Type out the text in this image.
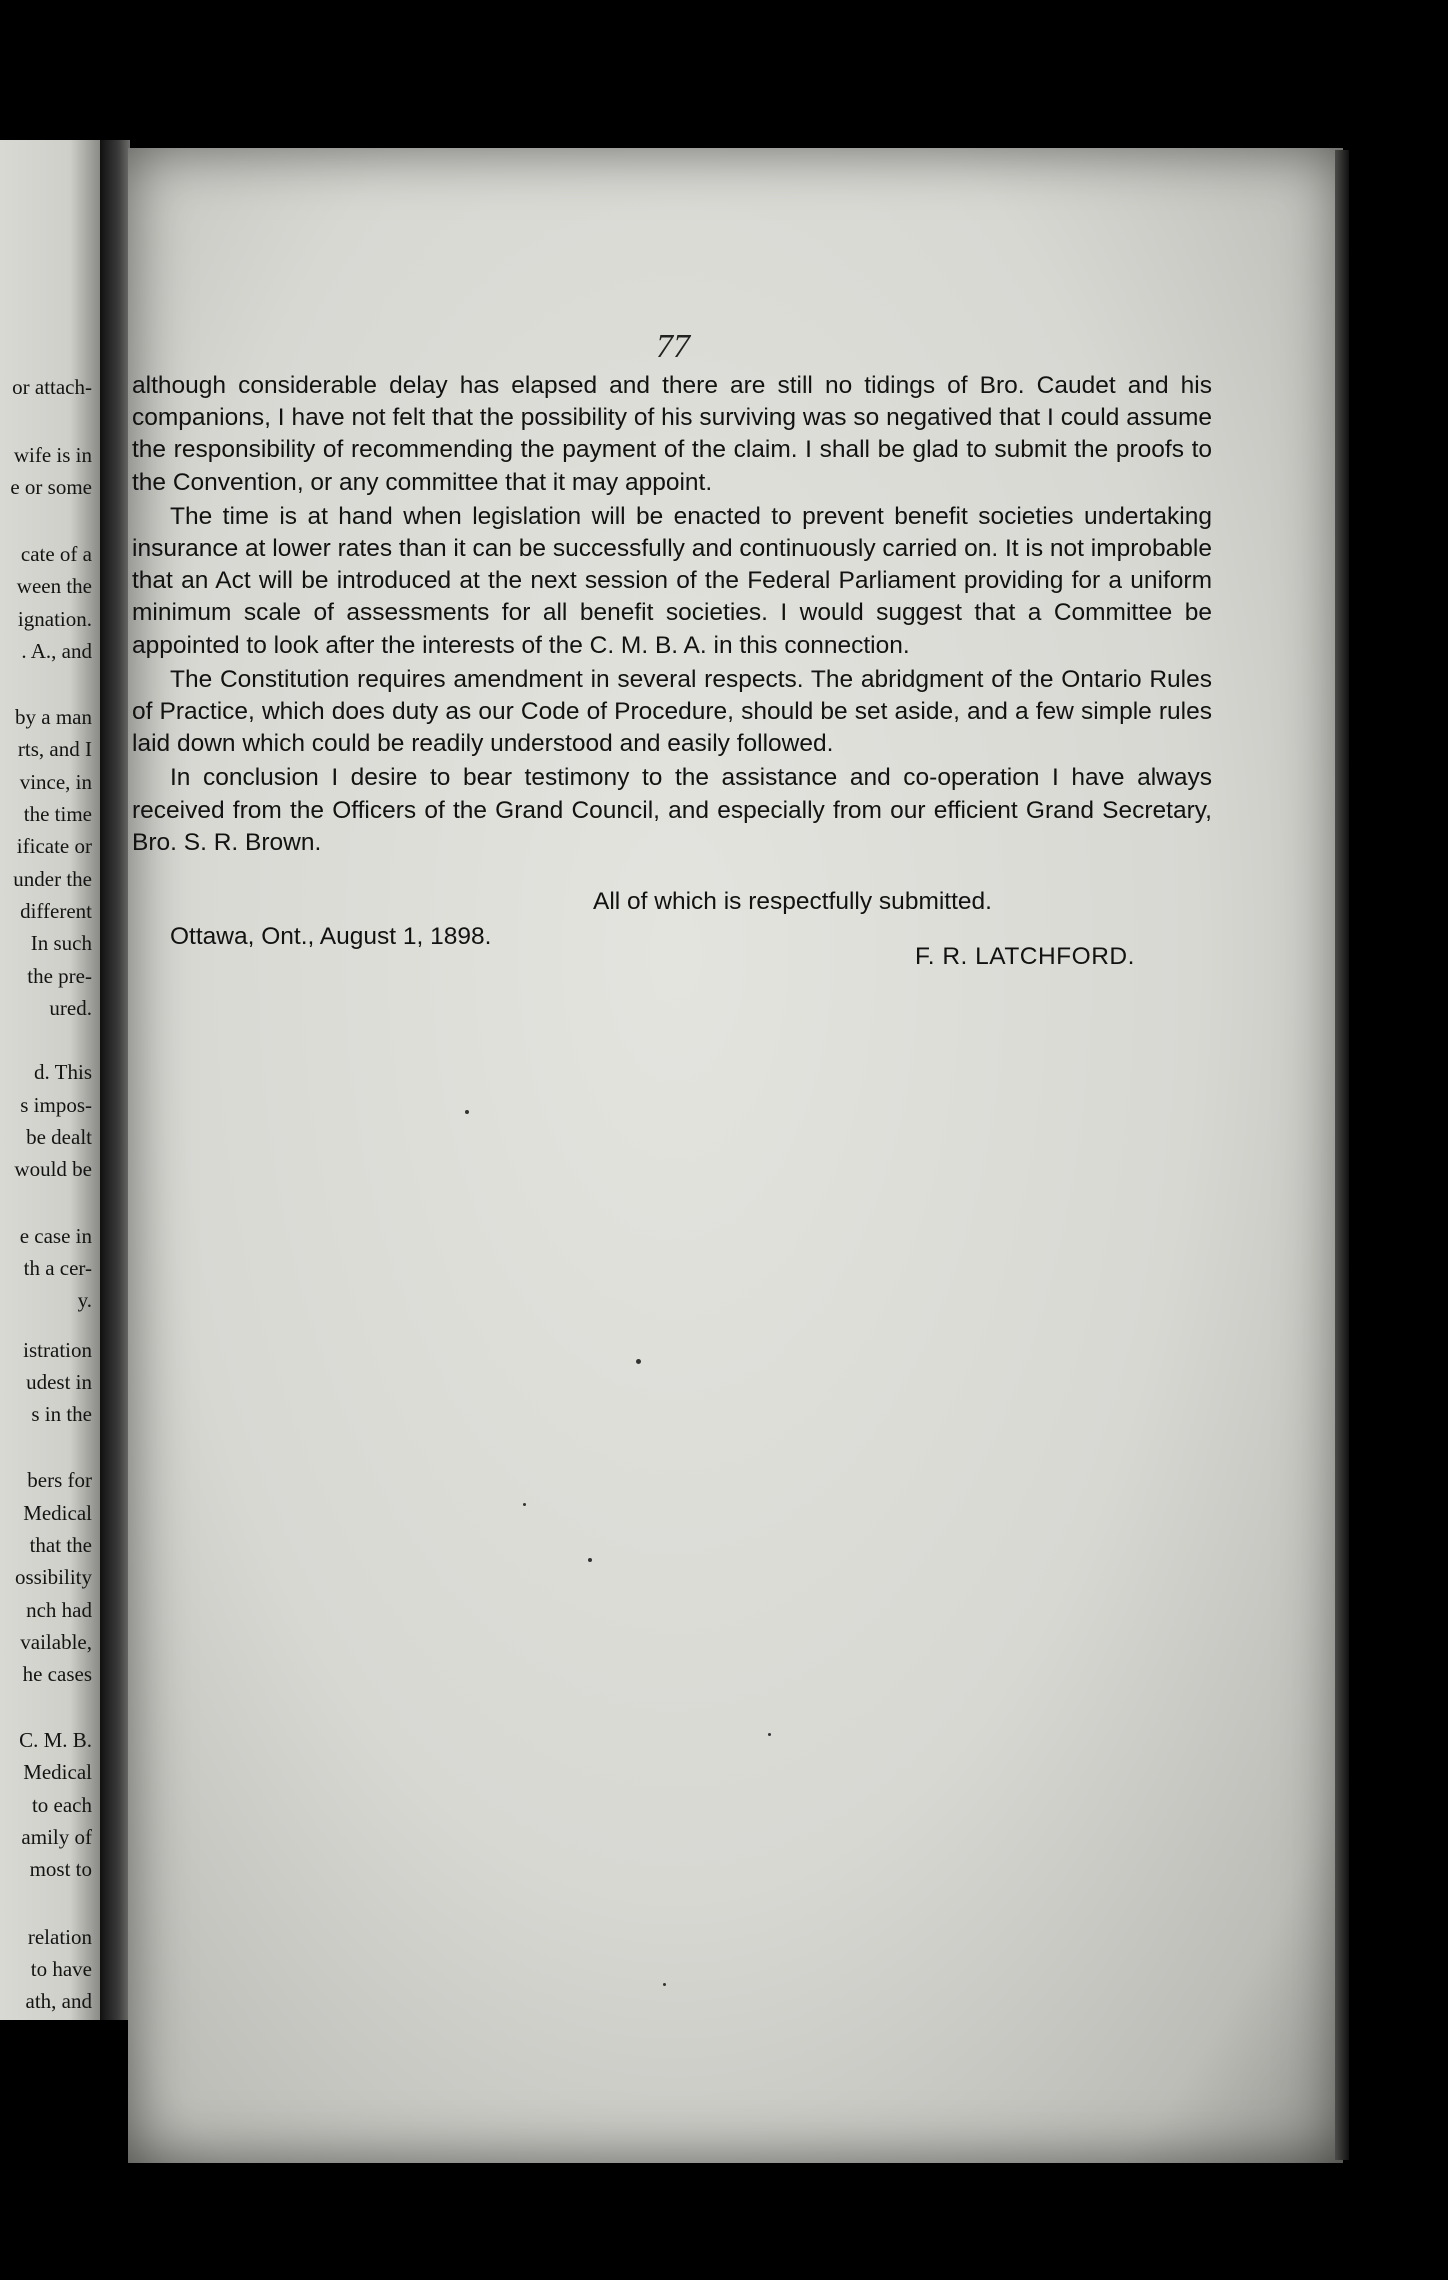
or attach-
wife is in
e or some
cate of a
ween the
ignation.
. A., and
by a man
rts, and I
vince, in
the time
ificate or
under the
different
In such
the pre-
ured.
d. This
s impos-
be dealt
would be
e case in
th a cer-
y.
istration
udest in
s in the
bers for
Medical
that the
ossibility
nch had
vailable,
he cases
C. M. B.
Medical
to each
amily of
most to
relation
to have
ath, and
77

although considerable delay has elapsed and there are still no tidings of Bro. Caudet and his companions, I have not felt that the possibility of his surviving was so negatived that I could assume the responsibility of recommending the payment of the claim. I shall be glad to submit the proofs to the Convention, or any committee that it may appoint.

The time is at hand when legislation will be enacted to prevent benefit societies undertaking insurance at lower rates than it can be successfully and continuously carried on. It is not improbable that an Act will be introduced at the next session of the Federal Parliament providing for a uniform minimum scale of assessments for all benefit societies. I would suggest that a Committee be appointed to look after the interests of the C. M. B. A. in this connection.

The Constitution requires amendment in several respects. The abridgment of the Ontario Rules of Practice, which does duty as our Code of Procedure, should be set aside, and a few simple rules laid down which could be readily understood and easily followed.

In conclusion I desire to bear testimony to the assistance and co-operation I have always received from the Officers of the Grand Council, and especially from our efficient Grand Secretary, Bro. S. R. Brown.

All of which is respectfully submitted.
Ottawa, Ont., August 1, 1898.
F. R. LATCHFORD.
